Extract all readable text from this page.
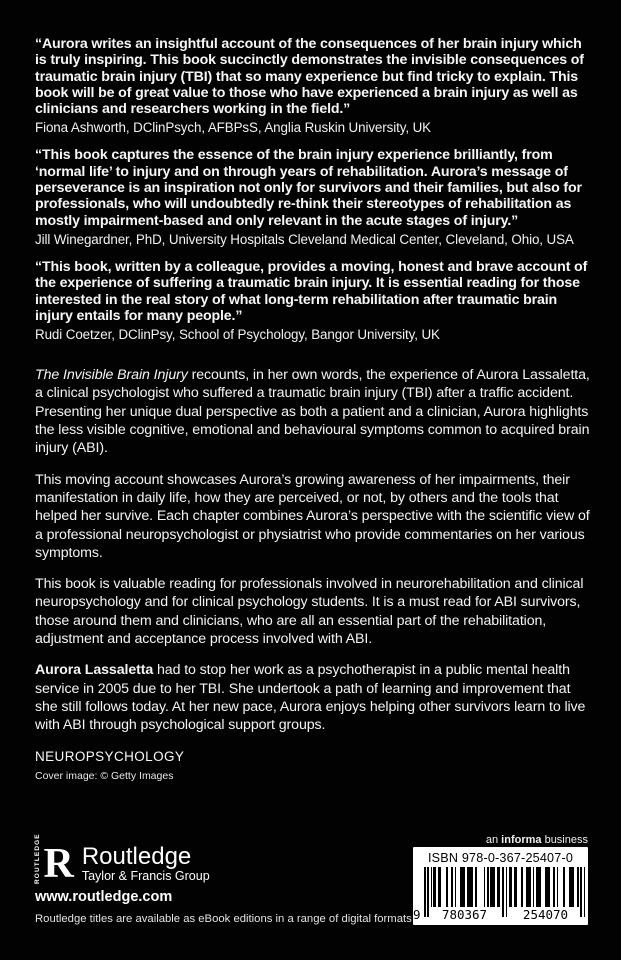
“Aurora writes an insightful account of the consequences of her brain injury which is truly inspiring. This book succinctly demonstrates the invisible consequences of traumatic brain injury (TBI) that so many experience but find tricky to explain. This book will be of great value to those who have experienced a brain injury as well as clinicians and researchers working in the field.”

Fiona Ashworth, DClinPsych, AFBPsS, Anglia Ruskin University, UK

“This book captures the essence of the brain injury experience brilliantly, from ‘normal life’ to injury and on through years of rehabilitation. Aurora’s message of perseverance is an inspiration not only for survivors and their families, but also for professionals, who will undoubtedly re-think their stereotypes of rehabilitation as mostly impairment-based and only relevant in the acute stages of injury.”

Jill Winegardner, PhD, University Hospitals Cleveland Medical Center, Cleveland, Ohio, USA

“This book, written by a colleague, provides a moving, honest and brave account of the experience of suffering a traumatic brain injury. It is essential reading for those interested in the real story of what long-term rehabilitation after traumatic brain injury entails for many people.”

Rudi Coetzer, DClinPsy, School of Psychology, Bangor University, UK

The Invisible Brain Injury recounts, in her own words, the experience of Aurora Lassaletta, a clinical psychologist who suffered a traumatic brain injury (TBI) after a traffic accident. Presenting her unique dual perspective as both a patient and a clinician, Aurora highlights the less visible cognitive, emotional and behavioural symptoms common to acquired brain injury (ABI).

This moving account showcases Aurora’s growing awareness of her impairments, their manifestation in daily life, how they are perceived, or not, by others and the tools that helped her survive. Each chapter combines Aurora’s perspective with the scientific view of a professional neuropsychologist or physiatrist who provide commentaries on her various symptoms.

This book is valuable reading for professionals involved in neurorehabilitation and clinical neuropsychology and for clinical psychology students. It is a must read for ABI survivors, those around them and clinicians, who are all an essential part of the rehabilitation, adjustment and acceptance process involved with ABI.

Aurora Lassaletta had to stop her work as a psychotherapist in a public mental health service in 2005 due to her TBI. She undertook a path of learning and improvement that she still follows today. At her new pace, Aurora enjoys helping other survivors learn to live with ABI through psychological support groups.

NEUROPSYCHOLOGY
Cover image: © Getty Images
an informa business
ROUTLEDGE R Routledge
Taylor & Francis Group
www.routledge.com
Routledge titles are available as eBook editions in a range of digital formats
ISBN 978-0-367-25407-0
9	780367	254070
